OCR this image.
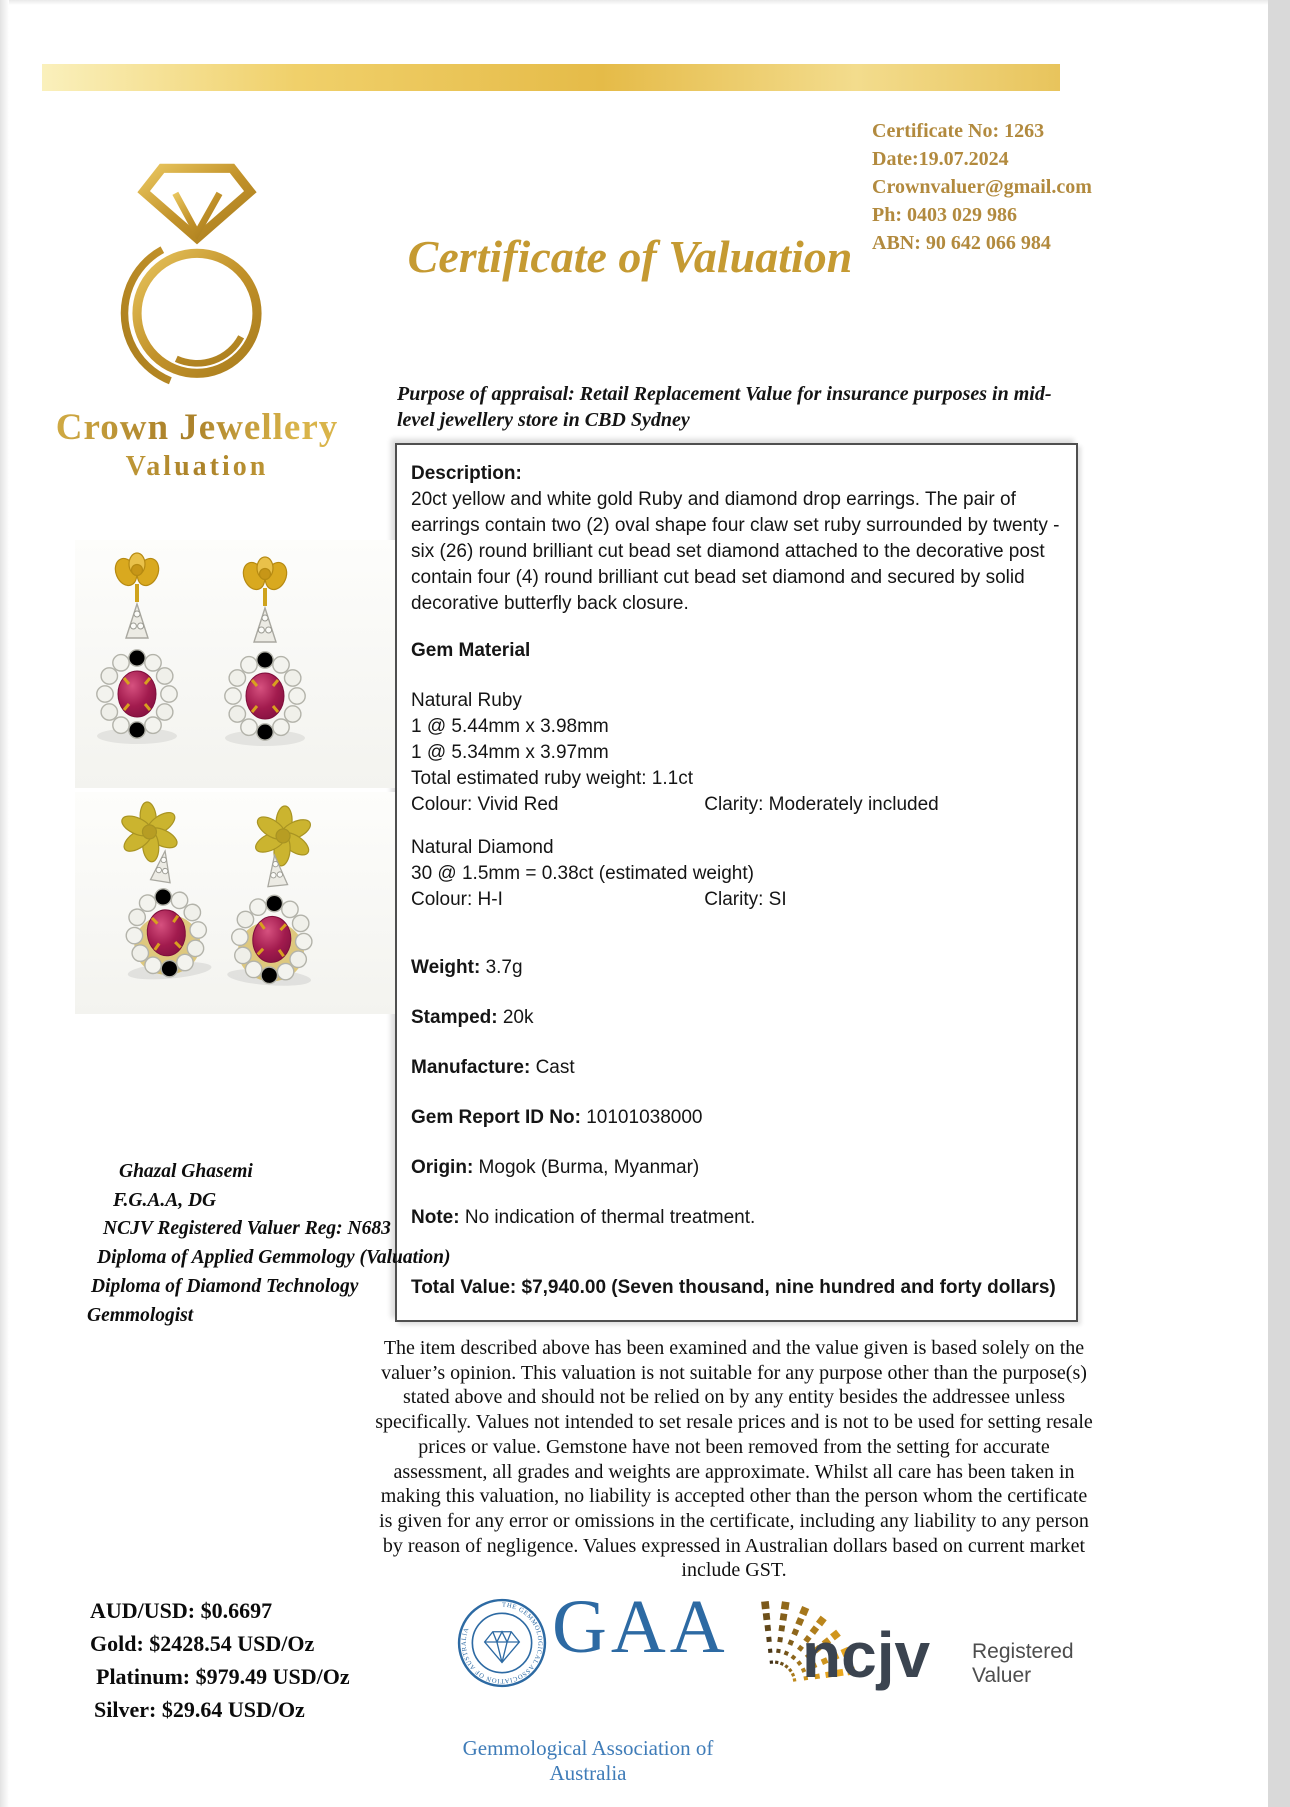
Crown Jewellery
Valuation
Certificate No: 1263
Date:19.07.2024
Crownvaluer@gmail.com
Ph: 0403 029 986
ABN: 90 642 066 984
Certificate of Valuation
Purpose of appraisal: Retail Replacement Value for insurance purposes in mid-level jewellery store in CBD Sydney
Description:
20ct yellow and white gold Ruby and diamond drop earrings. The pair of earrings contain two (2) oval shape four claw set ruby surrounded by twenty - six (26) round brilliant cut bead set diamond attached to the decorative post contain four (4) round brilliant cut bead set diamond and secured by solid decorative butterfly back closure.
Gem Material
Natural Ruby
1 @ 5.44mm x 3.98mm
1 @ 5.34mm x 3.97mm
Total estimated ruby weight: 1.1ct
Colour: Vivid Red	Clarity: Moderately included
Natural Diamond
30 @ 1.5mm = 0.38ct (estimated weight)
Colour: H-I	Clarity: SI
Weight: 3.7g
Stamped: 20k
Manufacture: Cast
Gem Report ID No: 10101038000
Origin: Mogok (Burma, Myanmar)
Note: No indication of thermal treatment.
Total Value: $7,940.00 (Seven thousand, nine hundred and forty dollars)
Ghazal Ghasemi
F.G.A.A, DG
NCJV Registered Valuer Reg: N683
Diploma of Applied Gemmology (Valuation)
Diploma of Diamond Technology
Gemmologist
The item described above has been examined and the value given is based solely on the valuer’s opinion. This valuation is not suitable for any purpose other than the purpose(s) stated above and should not be relied on by any entity besides the addressee unless specifically. Values not intended to set resale prices and is not to be used for setting resale prices or value. Gemstone have not been removed from the setting for accurate assessment, all grades and weights are approximate. Whilst all care has been taken in making this valuation, no liability is accepted other than the person whom the certificate is given for any error or omissions in the certificate, including any liability to any person by reason of negligence. Values expressed in Australian dollars based on current market include GST.
AUD/USD: $0.6697
Gold: $2428.54 USD/Oz
Platinum: $979.49 USD/Oz
Silver: $29.64 USD/Oz
THE GEMMOLOGICAL ASSOCIATION OF AUSTRALIA	GAA
Gemmological Association of Australia
ncjv Registered
Valuer
